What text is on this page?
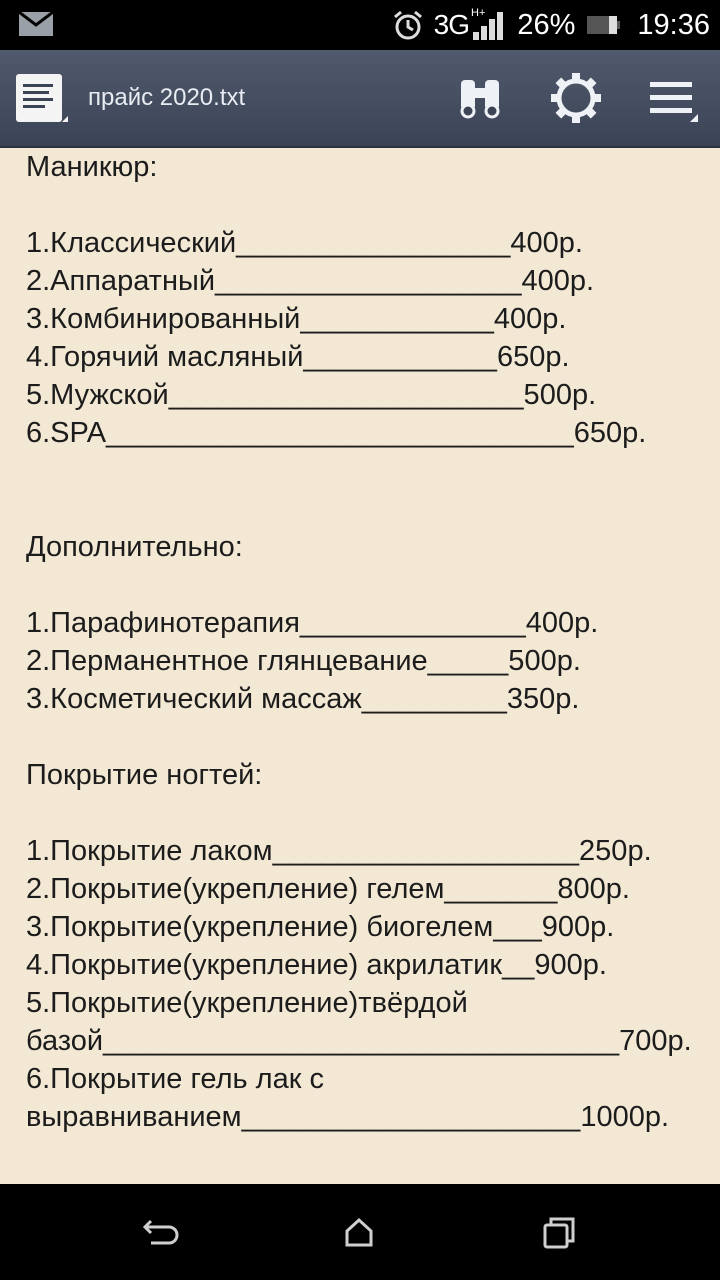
3G H+ 26% 19:36
прайс 2020.txt
Маникюр:

1.Классический_________________400р.
2.Аппаратный___________________400р.
3.Комбинированный____________400р.
4.Горячий масляный____________650р.
5.Мужской______________________500р.
6.SPA_____________________________650р.

Дополнительно:

1.Парафинотерапия______________400р.
2.Перманентное глянцевание_____500р.
3.Косметический массаж_________350р.

Покрытие ногтей:

1.Покрытие лаком___________________250р.
2.Покрытие(укрепление) гелем_______800р.
3.Покрытие(укрепление) биогелем___900р.
4.Покрытие(укрепление) акрилатик__900р.
5.Покрытие(укрепление)твёрдой
базой________________________________700р.
6.Покрытие гель лак с
выравниванием_____________________1000р.
